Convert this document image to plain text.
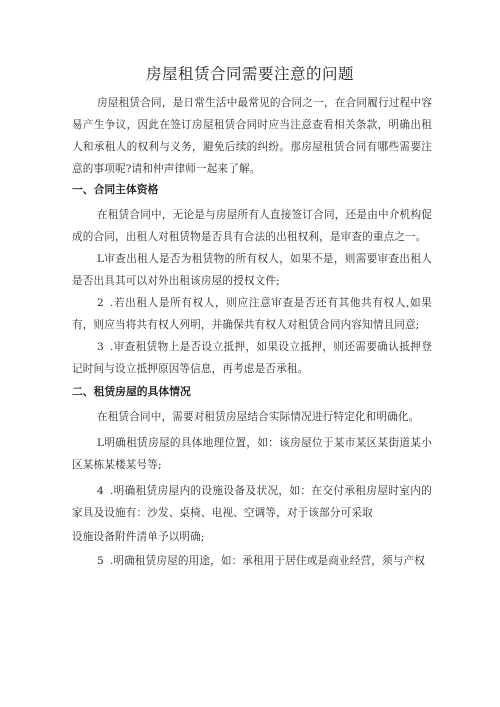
房屋租赁合同需要注意的问题

房屋租赁合同，是日常生活中最常见的合同之一，在合同履行过程中容易产生争议，因此在签订房屋租赁合同时应当注意查看相关条款，明确出租人和承租人的权利与义务，避免后续的纠纷。那房屋租赁合同有哪些需要注意的事项呢?请和仲声律师一起来了解。

一、合同主体资格

在租赁合同中，无论是与房屋所有人直接签订合同，还是由中介机构促成的合同，出租人对租赁物是否具有合法的出租权利，是审查的重点之一。

L审查出租人是否为租赁物的所有权人，如果不是，则需要审查出租人是否出具其可以对外出租该房屋的授权文件;

2 .若出租人是所有权人，则应注意审查是否还有其他共有权人,如果有，则应当将共有权人列明，并确保共有权人对租赁合同内容知情且同意;

3 .审查租赁物上是否设立抵押，如果设立抵押，则还需要确认抵押登记时间与设立抵押原因等信息，再考虑是否承租。

二、租赁房屋的具体情况

在租赁合同中，需要对租赁房屋结合实际情况进行特定化和明确化。

L明确租赁房屋的具体地理位置，如：该房屋位于某市某区某街道某小区某栋某楼某号等;

4 .明确租赁房屋内的设施设备及状况，如：在交付承租房屋时室内的家具及设施有：沙发、桌椅、电视、空调等，对于该部分可采取

设施设备附件清单予以明确;

5 .明确租赁房屋的用途，如：承租用于居住或是商业经营，须与产权
